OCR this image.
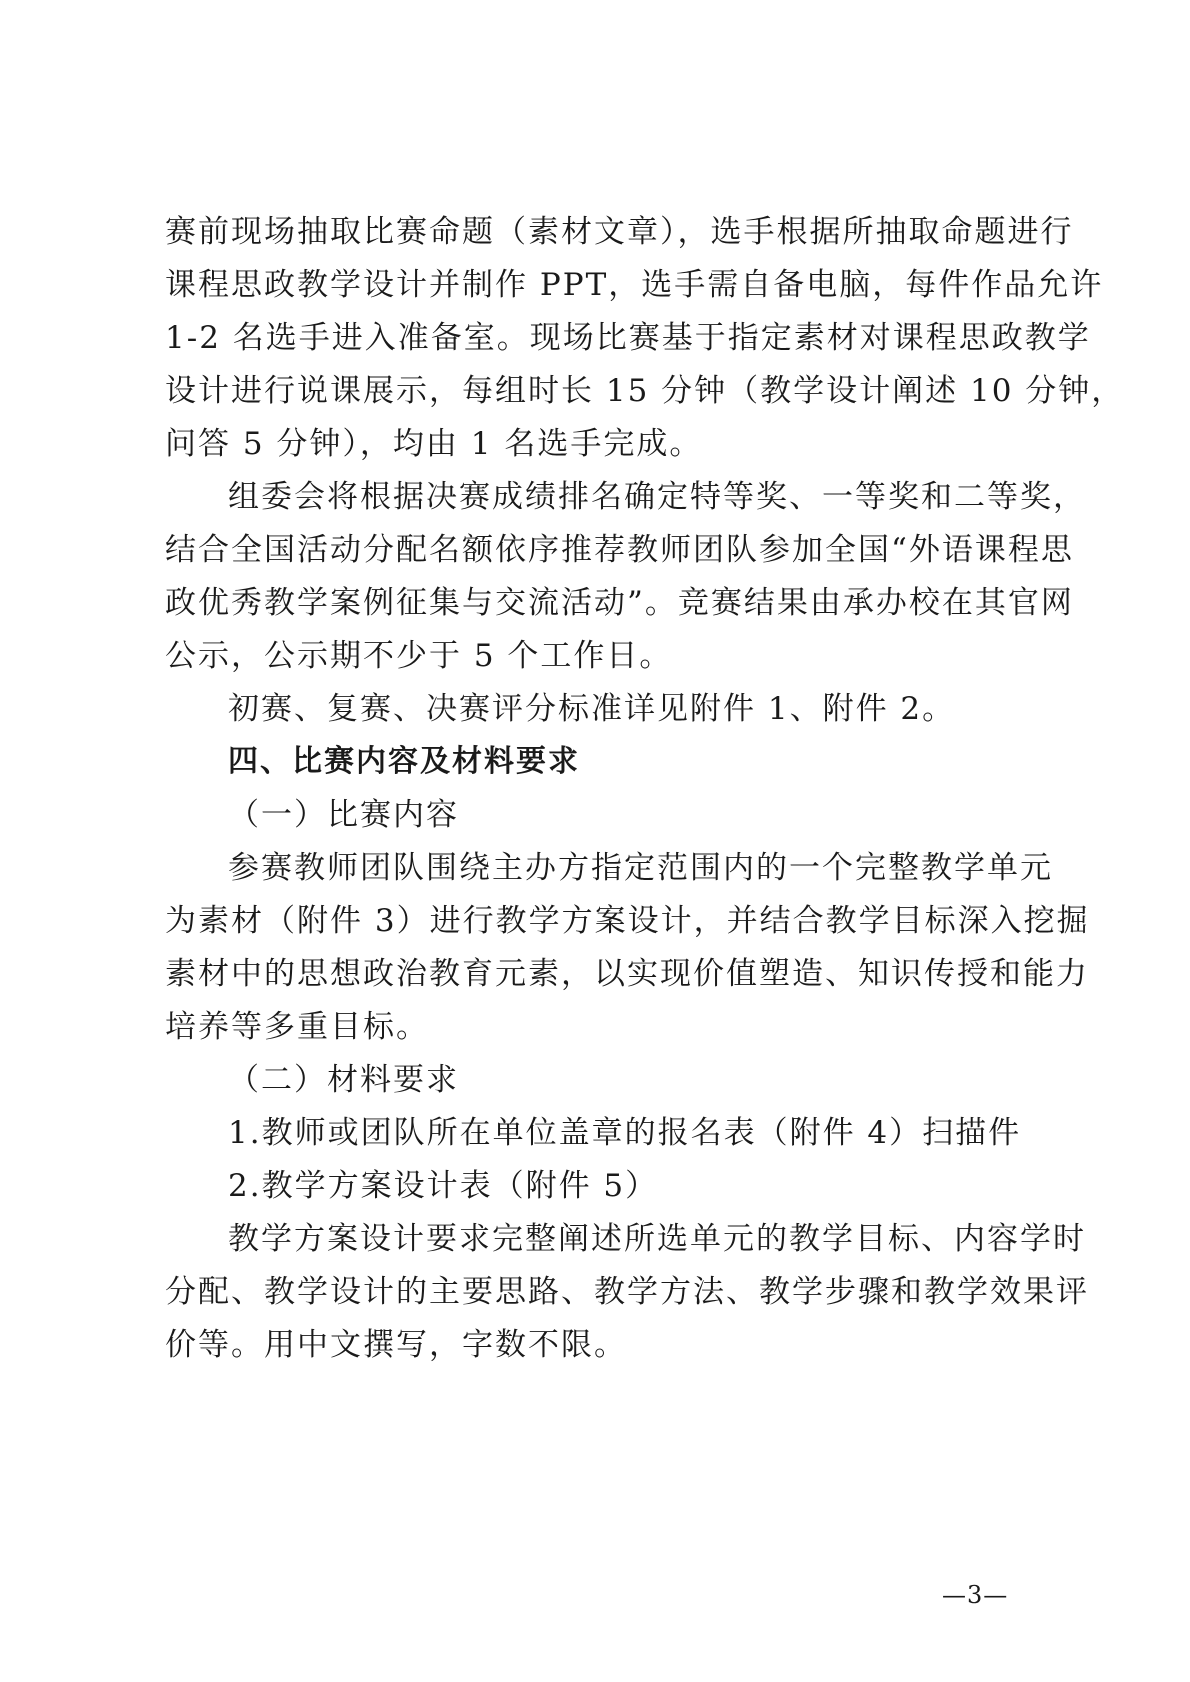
赛前现场抽取比赛命题（素材文章），选手根据所抽取命题进行
课程思政教学设计并制作 PPT，选手需自备电脑，每件作品允许
1-2 名选手进入准备室。现场比赛基于指定素材对课程思政教学
设计进行说课展示，每组时长 15 分钟（教学设计阐述 10 分钟，
问答 5 分钟），均由 1 名选手完成。
组委会将根据决赛成绩排名确定特等奖、一等奖和二等奖，
结合全国活动分配名额依序推荐教师团队参加全国“外语课程思
政优秀教学案例征集与交流活动”。竞赛结果由承办校在其官网
公示，公示期不少于 5 个工作日。
初赛、复赛、决赛评分标准详见附件 1、附件 2。
四、比赛内容及材料要求
（一）比赛内容
参赛教师团队围绕主办方指定范围内的一个完整教学单元
为素材（附件 3）进行教学方案设计，并结合教学目标深入挖掘
素材中的思想政治教育元素，以实现价值塑造、知识传授和能力
培养等多重目标。
（二）材料要求
1.教师或团队所在单位盖章的报名表（附件 4）扫描件
2.教学方案设计表（附件 5）
教学方案设计要求完整阐述所选单元的教学目标、内容学时
分配、教学设计的主要思路、教学方法、教学步骤和教学效果评
价等。用中文撰写，字数不限。
—3—
